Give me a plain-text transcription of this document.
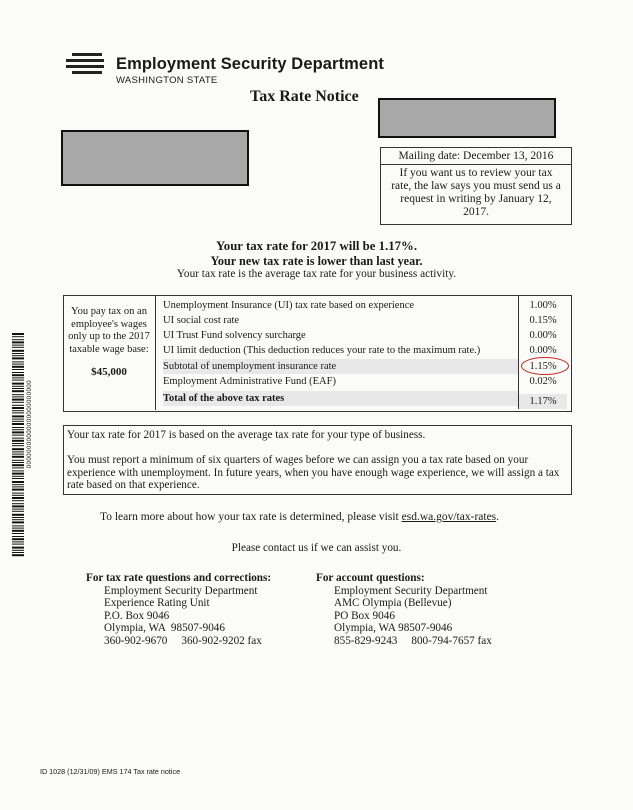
Employment Security Department
WASHINGTON STATE
Tax Rate Notice
Mailing date: December 13, 2016
If you want us to review your tax rate, the law says you must send us a request in writing by January 12, 2017.
Your tax rate for 2017 will be 1.17%.
Your new tax rate is lower than last year.
Your tax rate is the average tax rate for your business activity.
You pay tax on an employee's wages only up to the 2017 taxable wage base:
$45,000
Unemployment Insurance (UI) tax rate based on experience	1.00%
UI social cost rate	0.15%
UI Trust Fund solvency surcharge	0.00%
UI limit deduction (This deduction reduces your rate to the maximum rate.)	0.00%
Subtotal of unemployment insurance rate	1.15%
Employment Administrative Fund (EAF)	0.02%
Total of the above tax rates	1.17%
Your tax rate for 2017 is based on the average tax rate for your type of business.
You must report a minimum of six quarters of wages before we can assign you a tax rate based on your experience with unemployment. In future years, when you have enough wage experience, we will assign a tax rate based on that experience.
To learn more about how your tax rate is determined, please visit esd.wa.gov/tax-rates.
Please contact us if we can assist you.
For tax rate questions and corrections:
Employment Security Department
Experience Rating Unit
P.O. Box 9046
Olympia, WA  98507-9046
360-902-9670     360-902-9202 fax
For account questions:
Employment Security Department
AMC Olympia (Bellevue)
PO Box 9046
Olympia, WA 98507-9046
855-829-9243     800-794-7657 fax
ID 1028 (12/31/09) EMS 174 Tax rate notice
00000000000000000000000
